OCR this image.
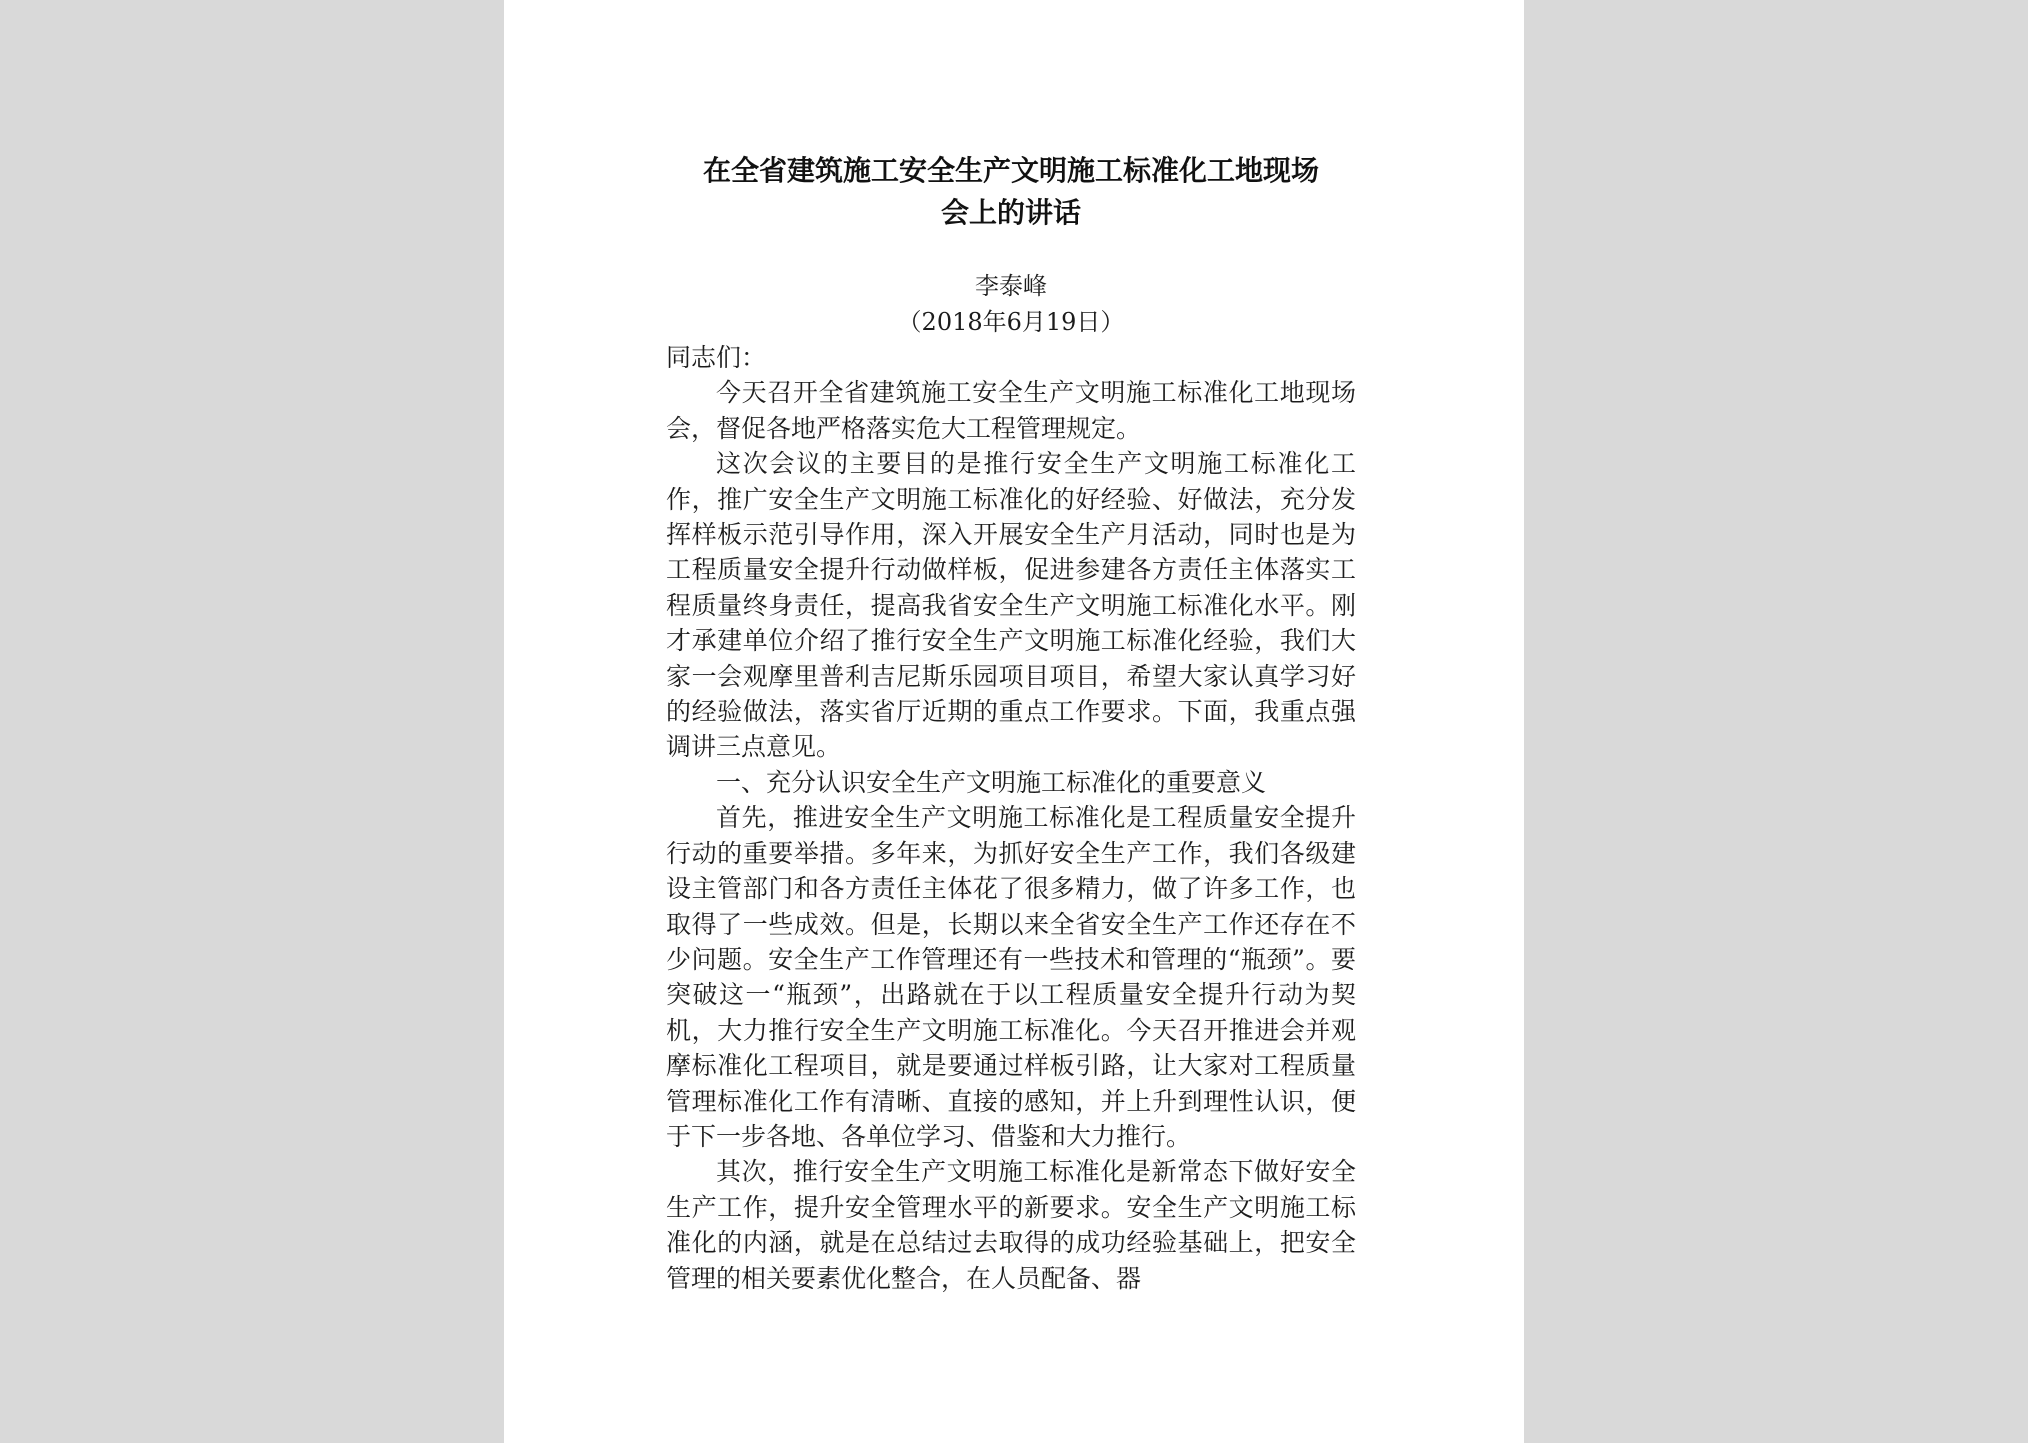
在全省建筑施工安全生产文明施工标准化工地现场
会上的讲话
李泰峰
（2018年6月19日）

同志们：

今天召开全省建筑施工安全生产文明施工标准化工地现场会，督促各地严格落实危大工程管理规定。

这次会议的主要目的是推行安全生产文明施工标准化工作，推广安全生产文明施工标准化的好经验、好做法，充分发挥样板示范引导作用，深入开展安全生产月活动，同时也是为工程质量安全提升行动做样板，促进参建各方责任主体落实工程质量终身责任，提高我省安全生产文明施工标准化水平。刚才承建单位介绍了推行安全生产文明施工标准化经验，我们大家一会观摩里普利吉尼斯乐园项目项目，希望大家认真学习好的经验做法，落实省厅近期的重点工作要求。下面，我重点强调讲三点意见。

一、充分认识安全生产文明施工标准化的重要意义

首先，推进安全生产文明施工标准化是工程质量安全提升行动的重要举措。多年来，为抓好安全生产工作，我们各级建设主管部门和各方责任主体花了很多精力，做了许多工作，也取得了一些成效。但是，长期以来全省安全生产工作还存在不少问题。安全生产工作管理还有一些技术和管理的“瓶颈”。要突破这一“瓶颈”，出路就在于以工程质量安全提升行动为契机，大力推行安全生产文明施工标准化。今天召开推进会并观摩标准化工程项目，就是要通过样板引路，让大家对工程质量管理标准化工作有清晰、直接的感知，并上升到理性认识，便于下一步各地、各单位学习、借鉴和大力推行。

其次，推行安全生产文明施工标准化是新常态下做好安全生产工作，提升安全管理水平的新要求。安全生产文明施工标准化的内涵，就是在总结过去取得的成功经验基础上，把安全管理的相关要素优化整合，在人员配备、器
